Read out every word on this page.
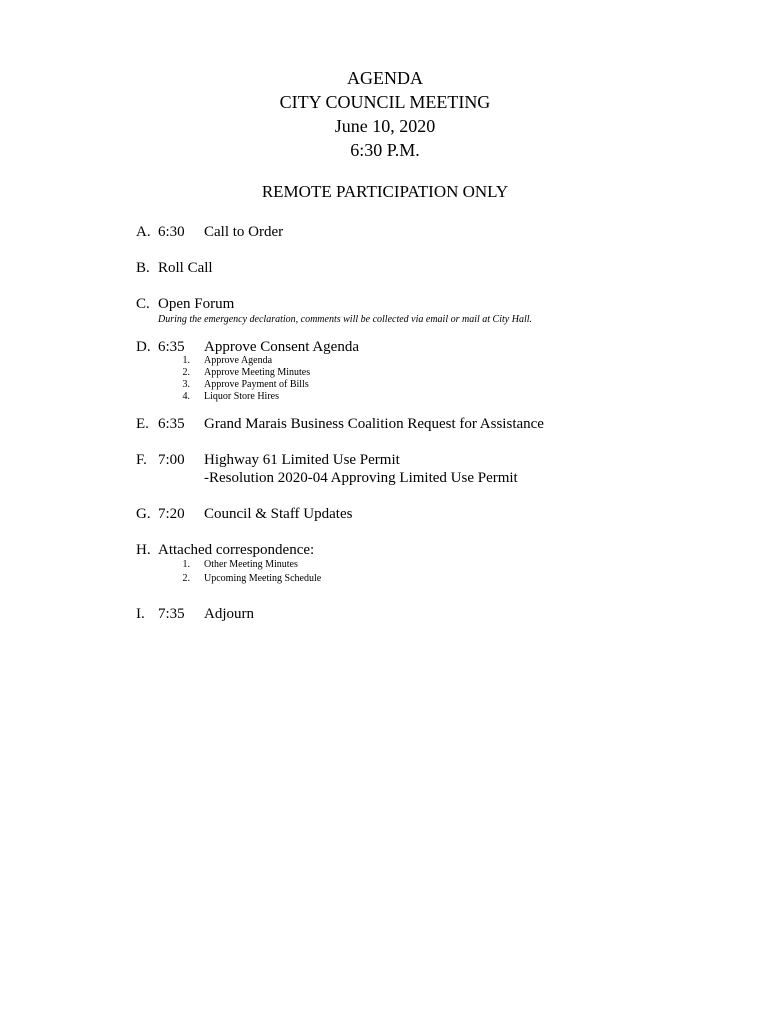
AGENDA
CITY COUNCIL MEETING
June 10, 2020
6:30 P.M.
REMOTE PARTICIPATION ONLY
A. 6:30 Call to Order
B. Roll Call
C. Open Forum
During the emergency declaration, comments will be collected via email or mail at City Hall.
D. 6:35 Approve Consent Agenda
1. Approve Agenda
2. Approve Meeting Minutes
3. Approve Payment of Bills
4. Liquor Store Hires
E. 6:35 Grand Marais Business Coalition Request for Assistance
F. 7:00 Highway 61 Limited Use Permit
-Resolution 2020-04 Approving Limited Use Permit
G. 7:20 Council & Staff Updates
H. Attached correspondence:
1. Other Meeting Minutes
2. Upcoming Meeting Schedule
I. 7:35 Adjourn
